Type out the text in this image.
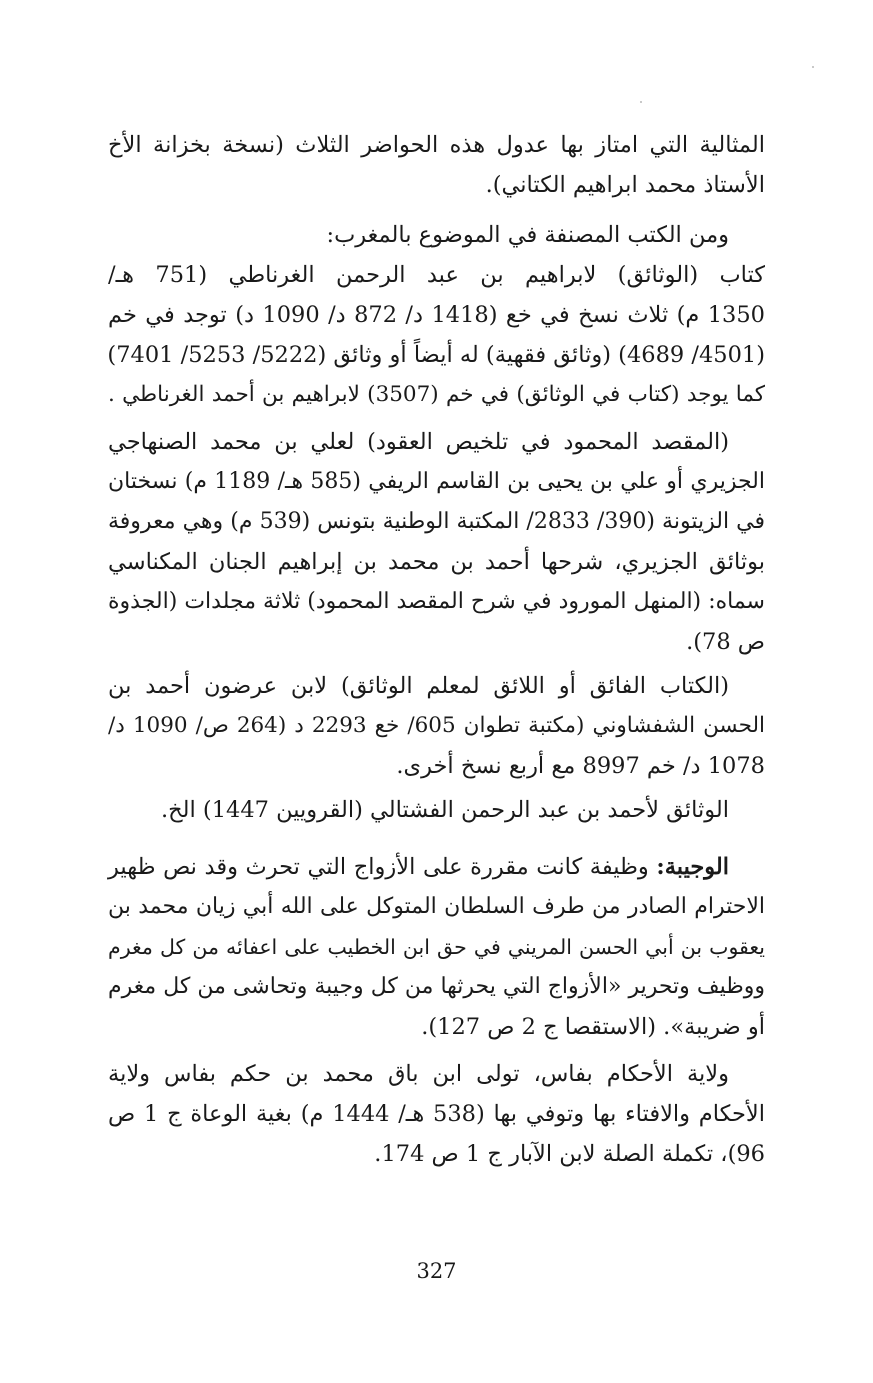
المثالية التي امتاز بها عدول هذه الحواضر الثلاث (نسخة بخزانة الأخ
الأستاذ محمد ابراهيم الكتاني).
ومن الكتب المصنفة في الموضوع بالمغرب:
كتاب (الوثائق) لابراهيم بن عبد الرحمن الغرناطي (751 هـ/
1350 م) ثلاث نسخ في خع (1418 د/ 872 د/ 1090 د) توجد في خم
(4501/ 4689) (وثائق فقهية) له أيضاً أو وثائق (5222/ 5253/ 7401)
كما يوجد (كتاب في الوثائق) في خم (3507) لابراهيم بن أحمد الغرناطي .
(المقصد المحمود في تلخيص العقود) لعلي بن محمد الصنهاجي
الجزيري أو علي بن يحيى بن القاسم الريفي (585 هـ/ 1189 م) نسختان
في الزيتونة (390/ 2833/ المكتبة الوطنية بتونس (539 م) وهي معروفة
بوثائق الجزيري، شرحها أحمد بن محمد بن إبراهيم الجنان المكناسي
سماه: (المنهل المورود في شرح المقصد المحمود) ثلاثة مجلدات (الجذوة
ص 78).
(الكتاب الفائق أو اللائق لمعلم الوثائق) لابن عرضون أحمد بن
الحسن الشفشاوني (مكتبة تطوان 605/ خع 2293 د (264 ص/ 1090 د/
1078 د/ خم 8997 مع أربع نسخ أخرى.
الوثائق لأحمد بن عبد الرحمن الفشتالي (القرويين 1447) الخ.
الوجيبة: وظيفة كانت مقررة على الأزواج التي تحرث وقد نص ظهير
الاحترام الصادر من طرف السلطان المتوكل على الله أبي زيان محمد بن
يعقوب بن أبي الحسن المريني في حق ابن الخطيب على اعفائه من كل مغرم
ووظيف وتحرير «الأزواج التي يحرثها من كل وجيبة وتحاشى من كل مغرم
أو ضريبة». (الاستقصا ج 2 ص 127).
ولاية الأحكام بفاس، تولى ابن باق محمد بن حكم بفاس ولاية
الأحكام والافتاء بها وتوفي بها (538 هـ/ 1444 م) بغية الوعاة ج 1 ص
96)، تكملة الصلة لابن الآبار ج 1 ص 174.
327
